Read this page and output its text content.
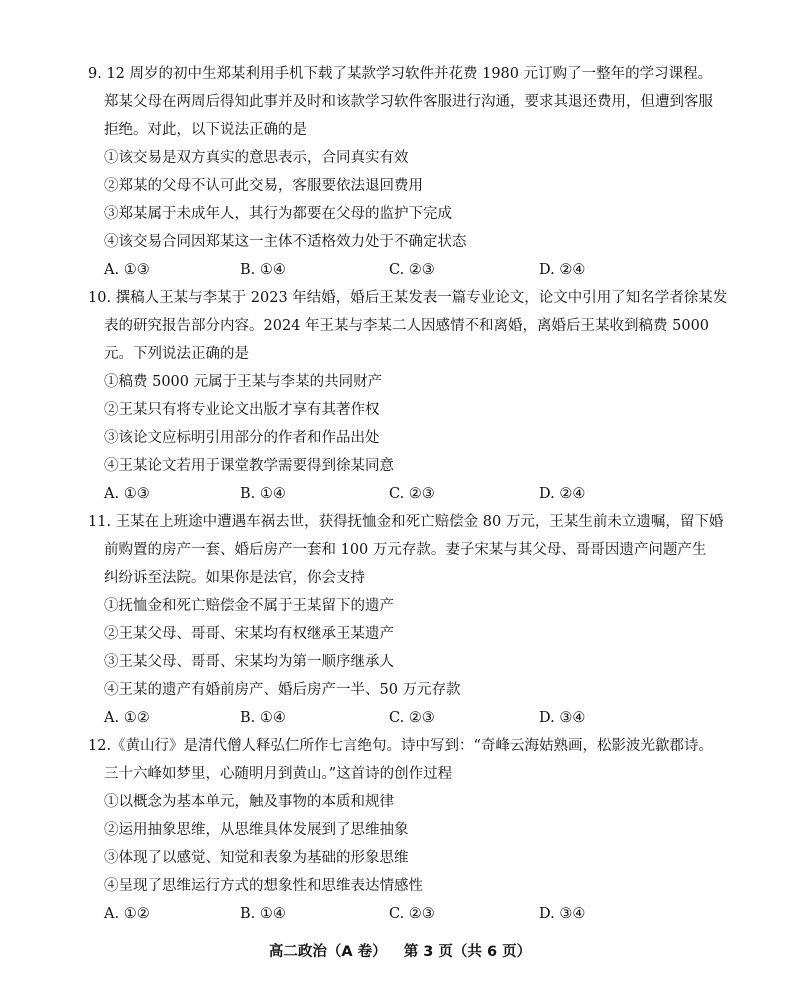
9. 12 周岁的初中生郑某利用手机下载了某款学习软件并花费 1980 元订购了一整年的学习课程。
郑某父母在两周后得知此事并及时和该款学习软件客服进行沟通，要求其退还费用，但遭到客服
拒绝。对此，以下说法正确的是
①该交易是双方真实的意思表示，合同真实有效
②郑某的父母不认可此交易，客服要依法退回费用
③郑某属于未成年人，其行为都要在父母的监护下完成
④该交易合同因郑某这一主体不适格效力处于不确定状态
A. ①③	B. ①④	C. ②③	D. ②④
10. 撰稿人王某与李某于 2023 年结婚，婚后王某发表一篇专业论文，论文中引用了知名学者徐某发
表的研究报告部分内容。2024 年王某与李某二人因感情不和离婚，离婚后王某收到稿费 5000
元。下列说法正确的是
①稿费 5000 元属于王某与李某的共同财产
②王某只有将专业论文出版才享有其著作权
③该论文应标明引用部分的作者和作品出处
④王某论文若用于课堂教学需要得到徐某同意
A. ①③	B. ①④	C. ②③	D. ②④
11. 王某在上班途中遭遇车祸去世，获得抚恤金和死亡赔偿金 80 万元，王某生前未立遗嘱，留下婚
前购置的房产一套、婚后房产一套和 100 万元存款。妻子宋某与其父母、哥哥因遗产问题产生
纠纷诉至法院。如果你是法官，你会支持
①抚恤金和死亡赔偿金不属于王某留下的遗产
②王某父母、哥哥、宋某均有权继承王某遗产
③王某父母、哥哥、宋某均为第一顺序继承人
④王某的遗产有婚前房产、婚后房产一半、50 万元存款
A. ①②	B. ①④	C. ②③	D. ③④
12.《黄山行》是清代僧人释弘仁所作七言绝句。诗中写到：“奇峰云海姑熟画，松影波光歙郡诗。
三十六峰如梦里，心随明月到黄山。”这首诗的创作过程
①以概念为基本单元，触及事物的本质和规律
②运用抽象思维，从思维具体发展到了思维抽象
③体现了以感觉、知觉和表象为基础的形象思维
④呈现了思维运行方式的想象性和思维表达情感性
A. ①②	B. ①④	C. ②③	D. ③④
高二政治（A 卷） 第 3 页（共 6 页）
